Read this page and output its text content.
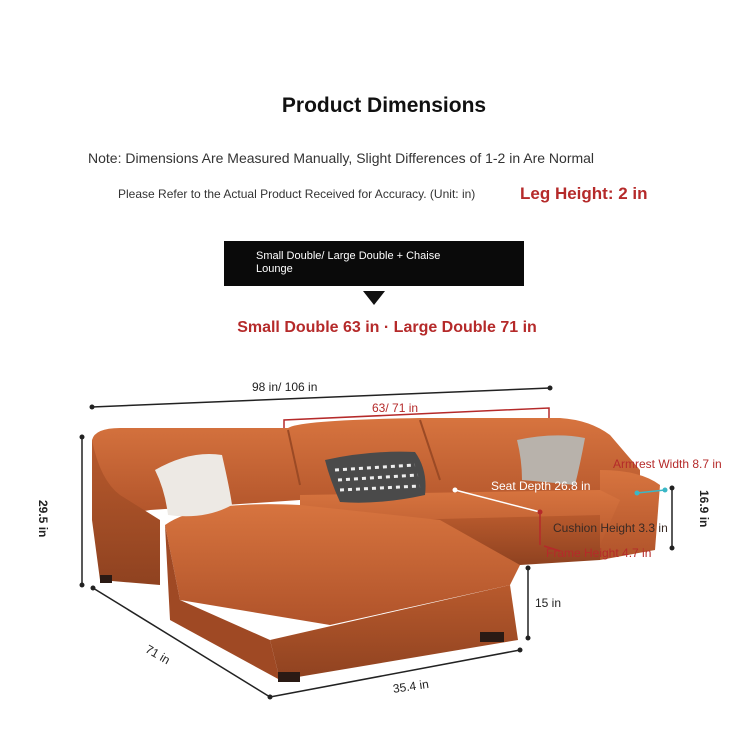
Product Dimensions
Note: Dimensions Are Measured Manually, Slight Differences of 1-2 in Are Normal
Please Refer to the Actual Product Received for Accuracy. (Unit: in)	Leg Height: 2 in
Small Double/ Large Double + Chaise Lounge
Small Double 63 in · Large Double 71 in
98 in/ 106 in
63/ 71 in
29.5 in
Armrest Width 8.7 in
Seat Depth 26.8 in
16.9 in
Cushion Height 3.3 in
Frame Height 4.7 in
15 in
71 in
35.4 in
